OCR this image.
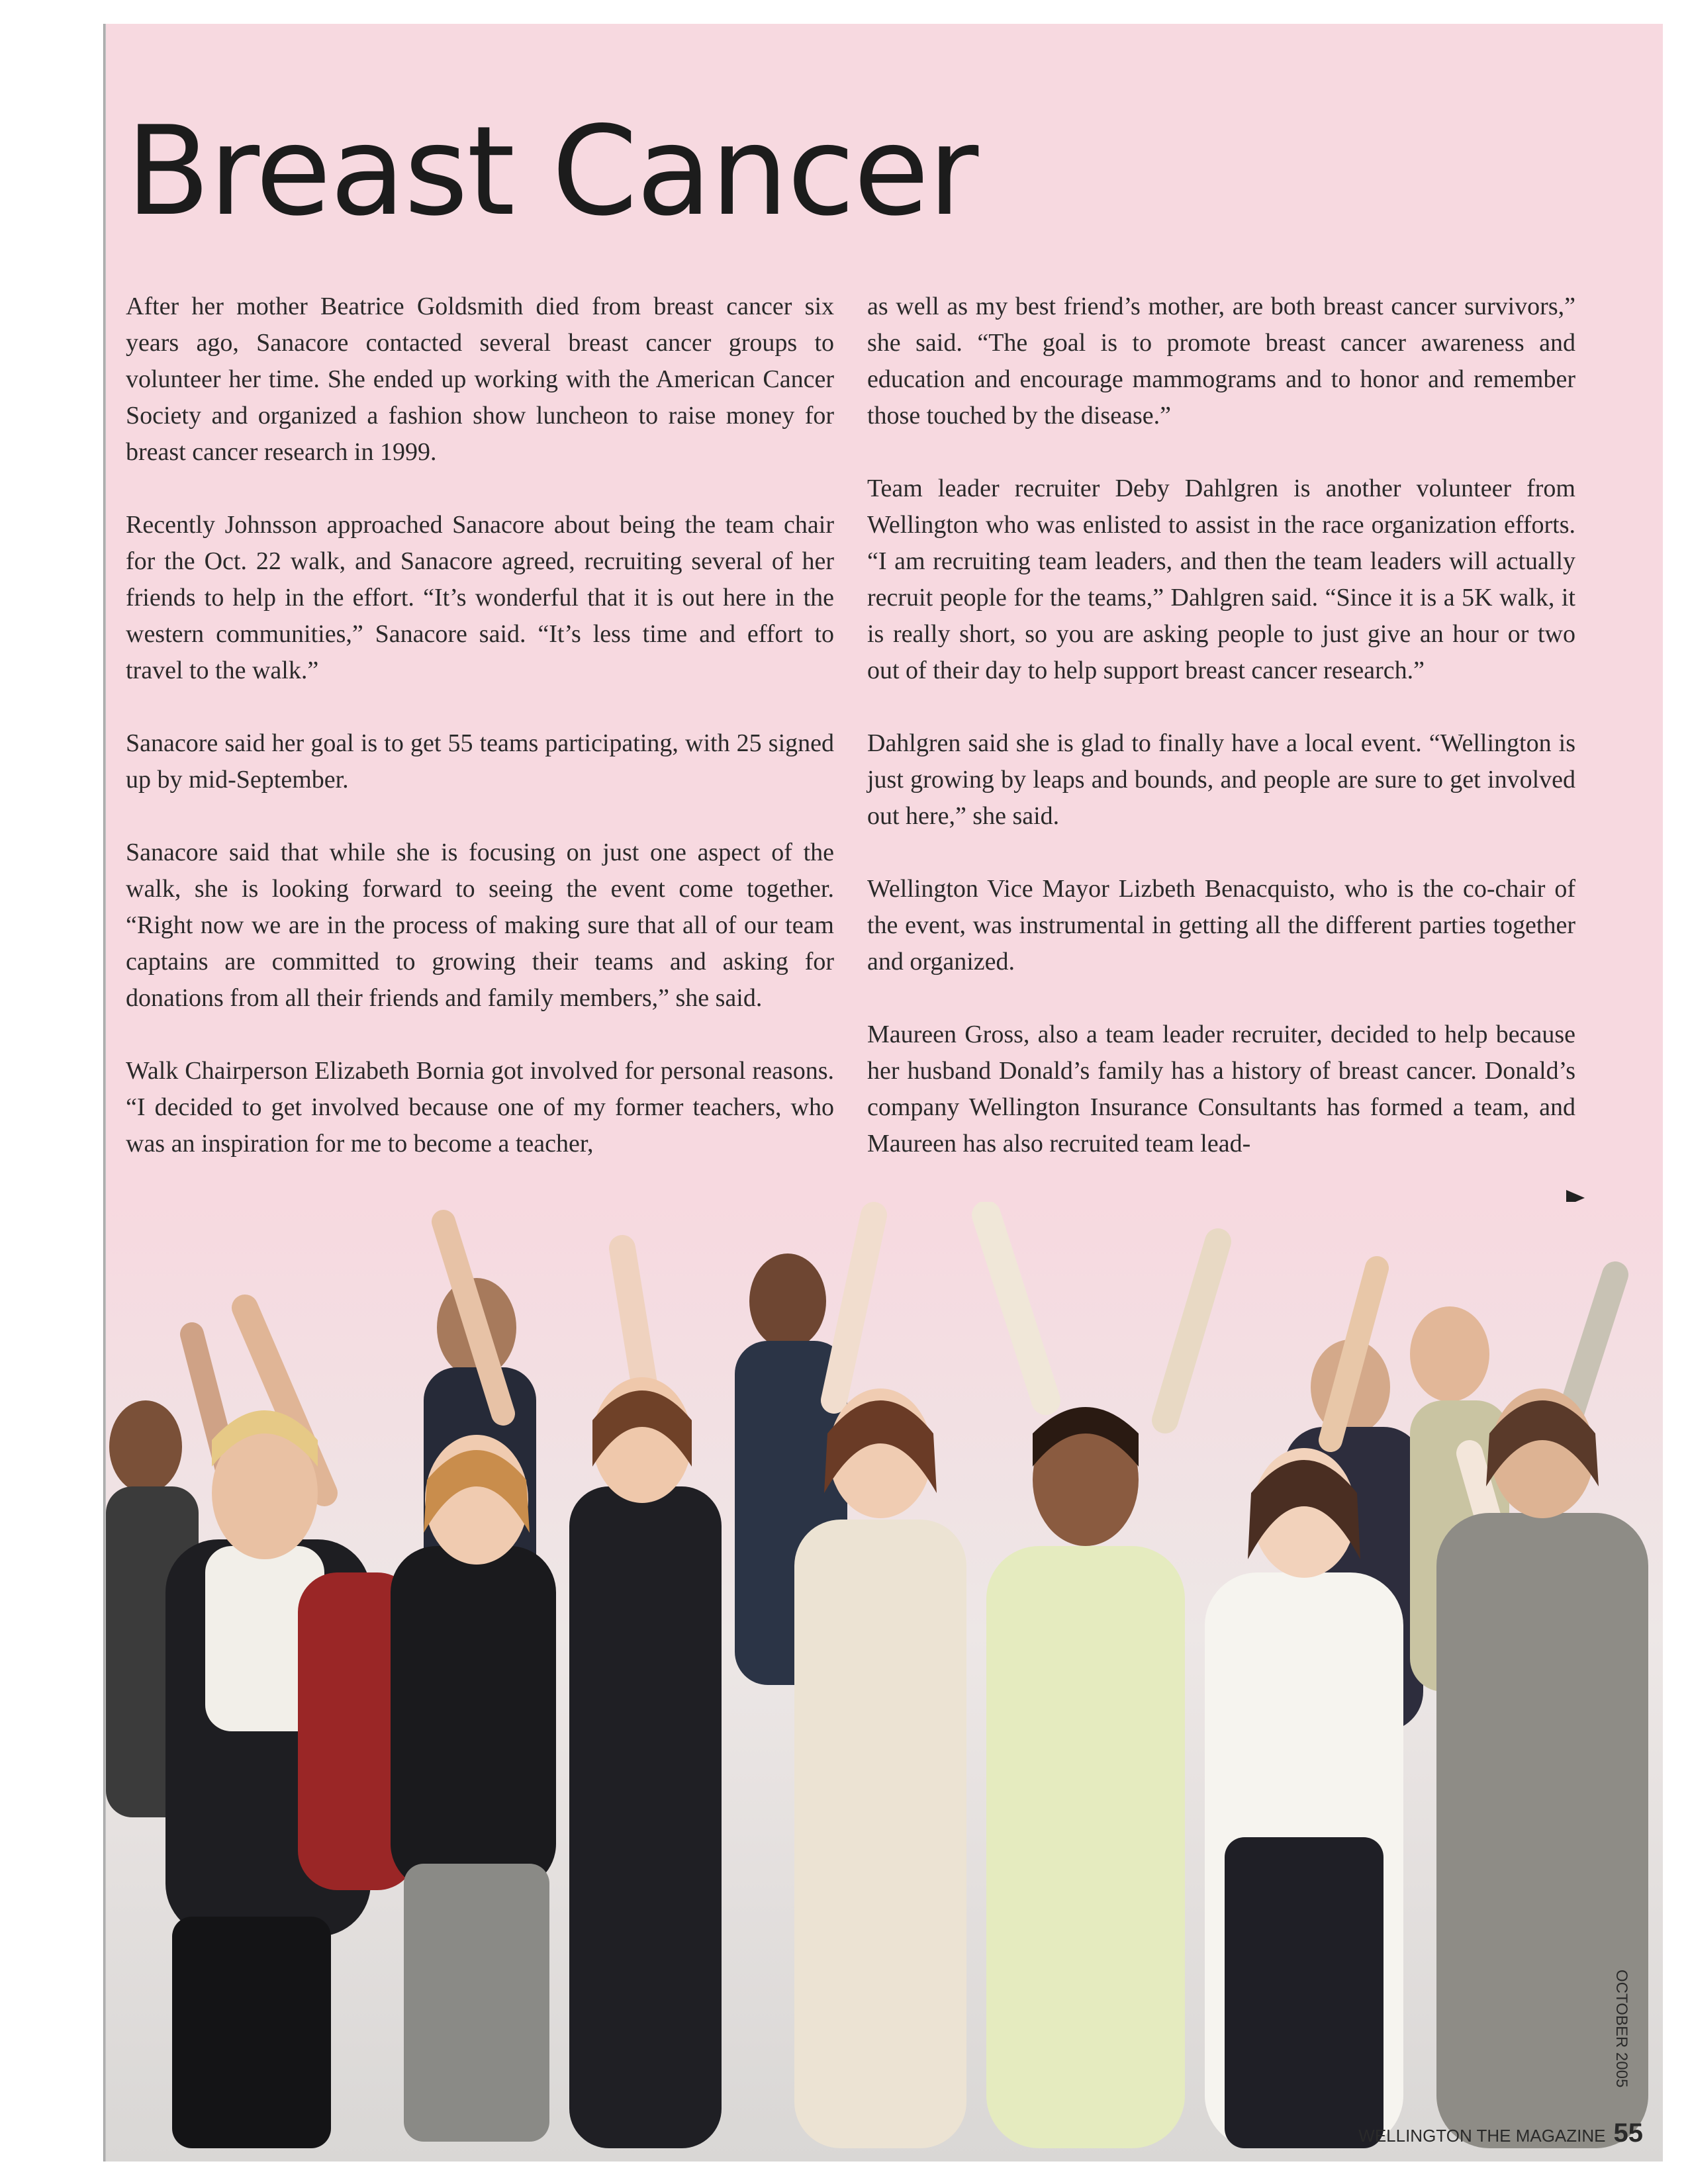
Breast Cancer

After her mother Beatrice Goldsmith died from breast cancer six years ago, Sanacore contacted several breast cancer groups to volunteer her time. She ended up working with the American Cancer Society and organized a fashion show luncheon to raise money for breast cancer research in 1999.

Recently Johnsson approached Sanacore about being the team chair for the Oct. 22 walk, and Sanacore agreed, recruiting several of her friends to help in the effort. “It’s wonderful that it is out here in the western communities,” Sanacore said. “It’s less time and effort to travel to the walk.”

Sanacore said her goal is to get 55 teams participating, with 25 signed up by mid-September.

Sanacore said that while she is focusing on just one aspect of the walk, she is looking forward to seeing the event come together. “Right now we are in the process of making sure that all of our team captains are committed to growing their teams and asking for donations from all their friends and family members,” she said.

Walk Chairperson Elizabeth Bornia got involved for personal reasons. “I decided to get involved because one of my former teachers, who was an inspiration for me to become a teacher,

as well as my best friend’s mother, are both breast cancer survivors,” she said. “The goal is to promote breast cancer awareness and education and encourage mammograms and to honor and remember those touched by the disease.”

Team leader recruiter Deby Dahlgren is another volunteer from Wellington who was enlisted to assist in the race organization efforts. “I am recruiting team leaders, and then the team leaders will actually recruit people for the teams,” Dahlgren said. “Since it is a 5K walk, it is really short, so you are asking people to just give an hour or two out of their day to help support breast cancer research.”

Dahlgren said she is glad to finally have a local event. “Wellington is just growing by leaps and bounds, and people are sure to get involved out here,” she said.

Wellington Vice Mayor Lizbeth Benacquisto, who is the co-chair of the event, was instrumental in getting all the different parties together and organized.

Maureen Gross, also a team leader recruiter, decided to help because her husband Donald’s family has a history of breast cancer. Donald’s company Wellington Insurance Consultants has formed a team, and Maureen has also recruited team lead-

OCTOBER 2005
WELLINGTON THE MAGAZINE 55
